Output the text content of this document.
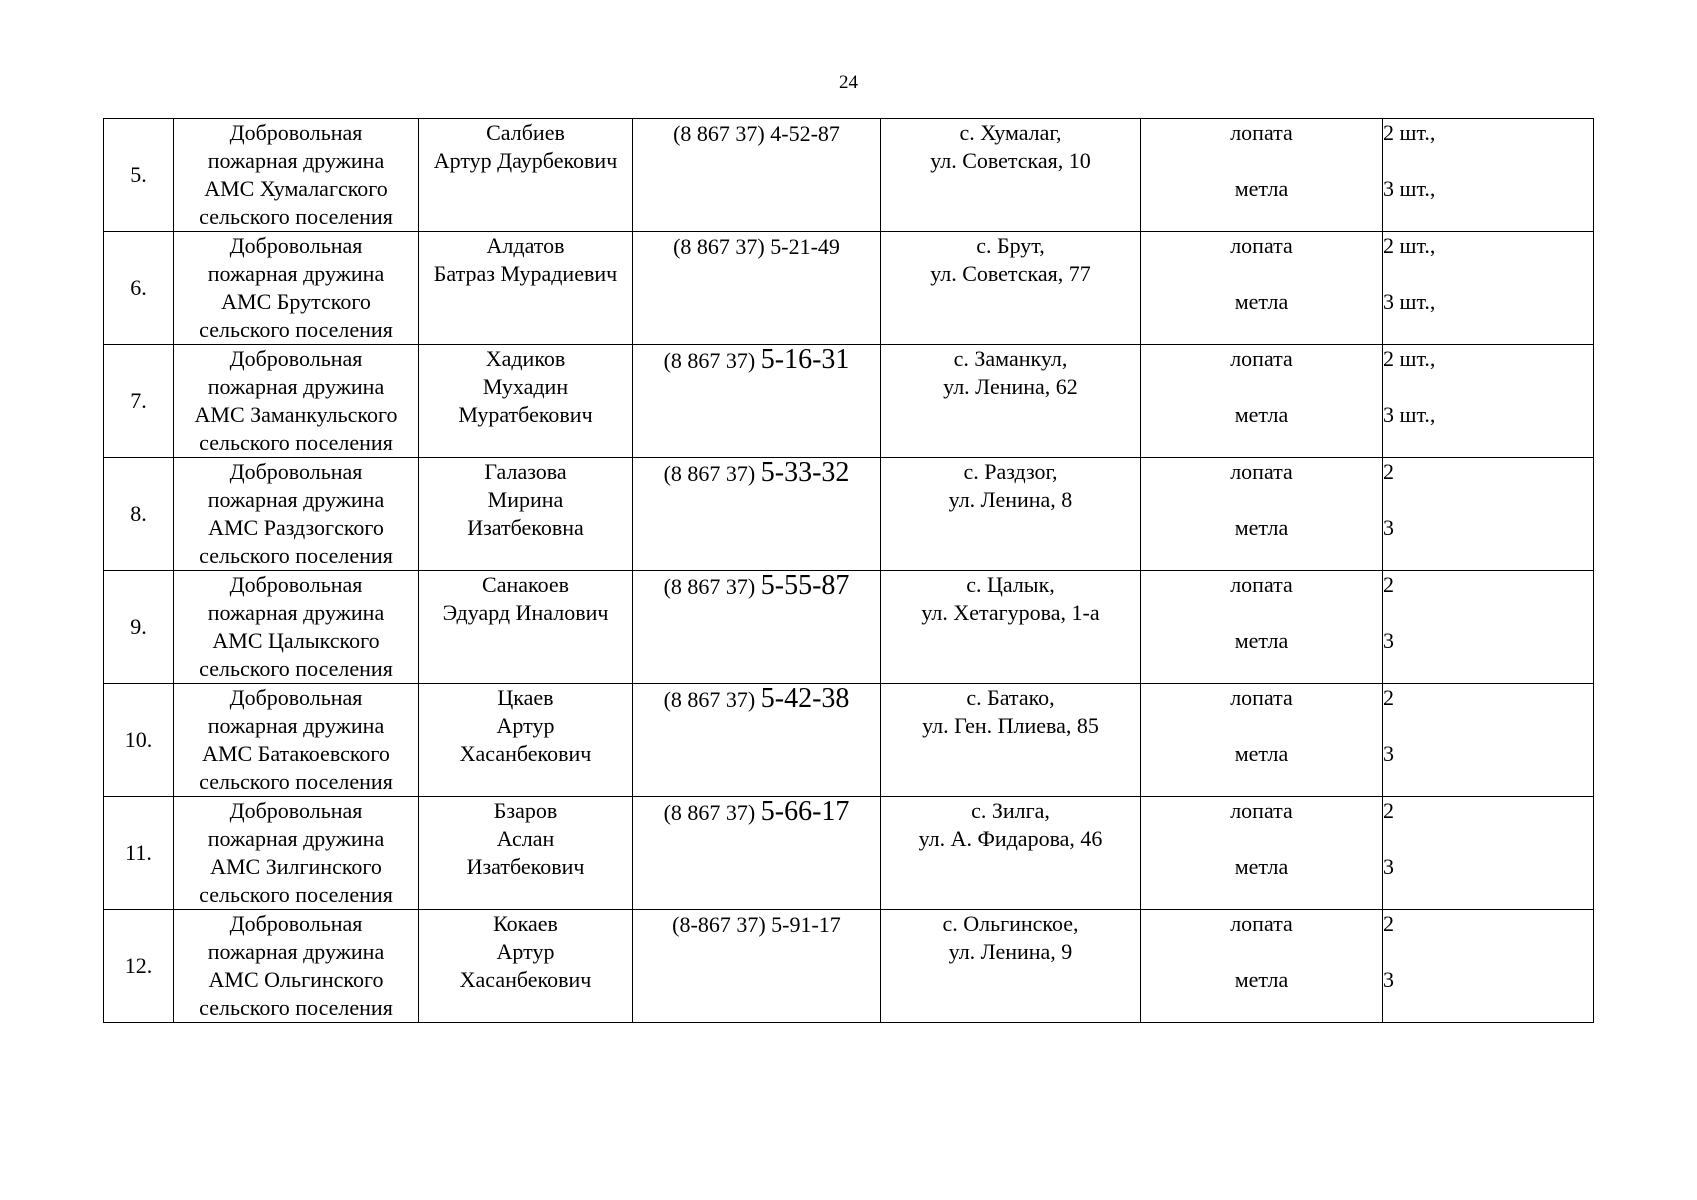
24
5.	Добровольная
пожарная дружина
АМС Хумалагского
сельского поселения	Салбиев
Артур Даурбекович	(8 867 37) 4-52-87	с. Хумалаг,
ул. Советская, 10	лопата
метла	2 шт.,
3 шт.,

6.	Добровольная
пожарная дружина
АМС Брутского
сельского поселения	Алдатов
Батраз Мурадиевич	(8 867 37) 5-21-49	с. Брут,
ул. Советская, 77	лопата
метла	2 шт.,
3 шт.,

7.	Добровольная
пожарная дружина
АМС Заманкульского
сельского поселения	Хадиков
Мухадин
Муратбекович	(8 867 37) 5-16-31	с. Заманкул,
ул. Ленина, 62	лопата
метла	2 шт.,
3 шт.,

8.	Добровольная
пожарная дружина
АМС Раздзогского
сельского поселения	Галазова
Мирина
Изатбековна	(8 867 37) 5-33-32	с. Раздзог,
ул. Ленина, 8	лопата
метла	2
3

9.	Добровольная
пожарная дружина
АМС Цалыкского
сельского поселения	Санакоев
Эдуард Иналович	(8 867 37) 5-55-87	с. Цалык,
ул. Хетагурова, 1-а	лопата
метла	2
3

10.	Добровольная
пожарная дружина
АМС Батакоевского
сельского поселения	Цкаев
Артур
Хасанбекович	(8 867 37) 5-42-38	с. Батако,
ул. Ген. Плиева, 85	лопата
метла	2
3

11.	Добровольная
пожарная дружина
АМС Зилгинского
сельского поселения	Бзаров
Аслан
Изатбекович	(8 867 37) 5-66-17	с. Зилга,
ул. А. Фидарова, 46	лопата
метла	2
3

12.	Добровольная
пожарная дружина
АМС Ольгинского
сельского поселения	Кокаев
Артур
Хасанбекович	(8-867 37) 5-91-17	с. Ольгинское,
ул. Ленина, 9	лопата
метла	2
3
